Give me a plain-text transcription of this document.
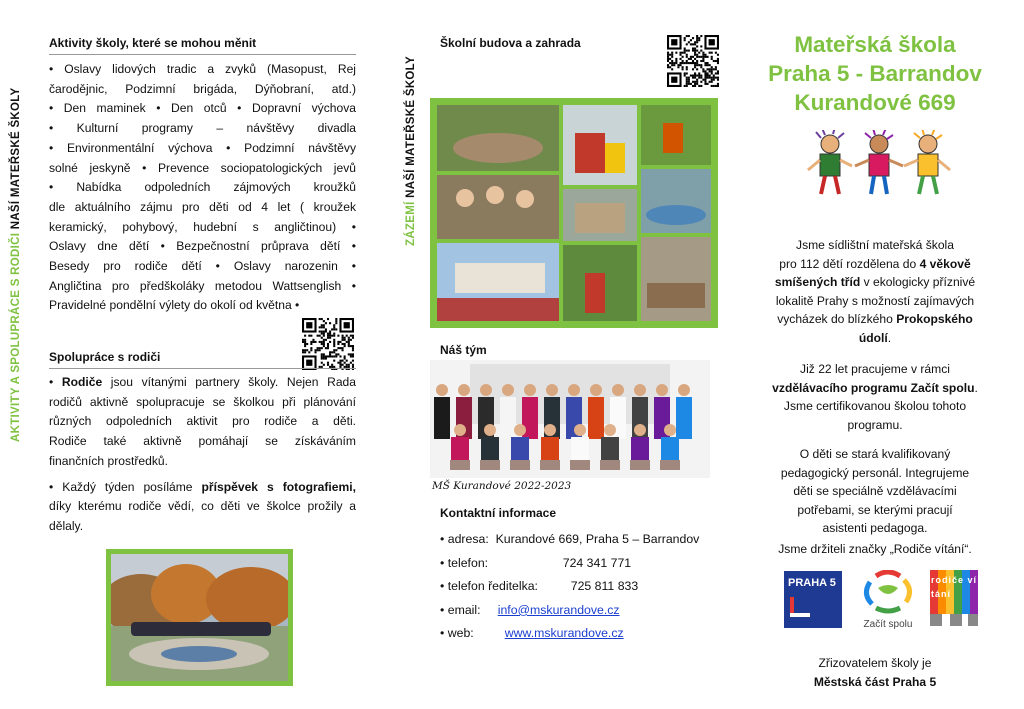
AKTIVITY A SPOLUPRÁCE S RODIČI NAŠÍ MATEŘSKÉ ŠKOLY
Aktivity školy, které se mohou měnit
• Oslavy lidových tradic a zvyků (Masopust, Rej
čarodějnic, Podzimní brigáda, Dýňobraní, atd.)
• Den maminek • Den otců • Dopravní výchova
• Kulturní programy – návštěvy divadla
• Environmentální výchova • Podzimní návštěvy
solné jeskyně • Prevence sociopatologických jevů
• Nabídka odpoledních zájmových kroužků
dle aktuálního zájmu pro děti od 4 let ( kroužek
keramický, pohybový, hudební s angličtinou) •
Oslavy dne dětí • Bezpečnostní průprava dětí •
Besedy pro rodiče dětí • Oslavy narozenin •
Angličtina pro předškoláky metodou Wattsenglish •
Pravidelné pondělní výlety do okolí od května •
Spolupráce s rodiči
• Rodiče jsou vítanými partnery školy. Nejen Rada
rodičů aktivně spolupracuje se školkou při plánování
různých odpoledních aktivit pro rodiče a děti.
Rodiče také aktivně pomáhají se získáváním
finančních prostředků.
• Každý týden posíláme příspěvek s fotografiemi,
díky kterému rodiče vědí, co děti ve školce prožily a
dělaly.
ZÁZEMÍ NAŠÍ MATEŘSKÉ ŠKOLY
Školní budova a zahrada
Náš tým
MŠ Kurandové 2022-2023
Kontaktní informace
• adresa: Kurandové 669, Praha 5 – Barrandov
• telefon:	724 341 771
• telefon ředitelka:	725 811 833
• email: info@mskurandove.cz
• web:	www.mskurandove.cz
Mateřská škola
Praha 5 - Barrandov
Kurandové 669
Jsme sídlištní mateřská škola
pro 112 dětí rozdělena do 4 věkově
smíšených tříd v ekologicky příznivé
lokalitě Prahy s možností zajímavých
vycházek do blízkého Prokopského
údolí.
Již 22 let pracujeme v rámci
vzdělávacího programu Začít spolu.
Jsme certifikovanou školou tohoto
programu.
O děti se stará kvalifikovaný
pedagogický personál. Integrujeme
děti se speciálně vzdělávacími
potřebami, se kterými pracují
asistenti pedagoga.
Jsme držiteli značky „Rodiče vítání“.
PRAHA 5
Začít spolu
rodiče vítání
Zřizovatelem školy je
Městská část Praha 5
